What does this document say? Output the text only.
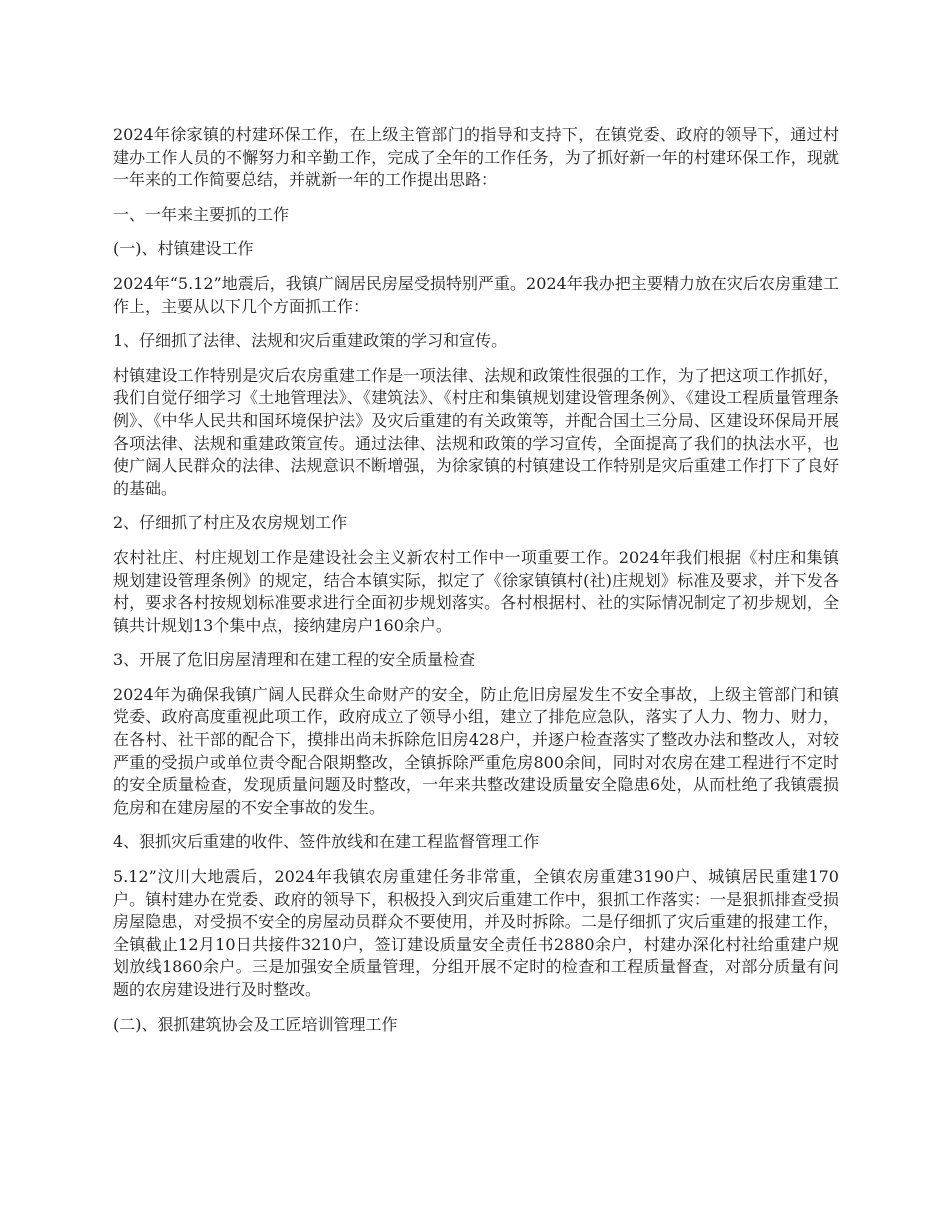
2024年徐家镇的村建环保工作，在上级主管部门的指导和支持下，在镇党委、政府的领导下，通过村建办工作人员的不懈努力和辛勤工作，完成了全年的工作任务，为了抓好新一年的村建环保工作，现就一年来的工作简要总结，并就新一年的工作提出思路：

一、一年来主要抓的工作

(一)、村镇建设工作

2024年“5.12”地震后，我镇广阔居民房屋受损特别严重。2024年我办把主要精力放在灾后农房重建工作上，主要从以下几个方面抓工作：

1、仔细抓了法律、法规和灾后重建政策的学习和宣传。

村镇建设工作特别是灾后农房重建工作是一项法律、法规和政策性很强的工作，为了把这项工作抓好，我们自觉仔细学习《土地管理法》、《建筑法》、《村庄和集镇规划建设管理条例》、《建设工程质量管理条例》、《中华人民共和国环境保护法》及灾后重建的有关政策等，并配合国土三分局、区建设环保局开展各项法律、法规和重建政策宣传。通过法律、法规和政策的学习宣传，全面提高了我们的执法水平，也使广阔人民群众的法律、法规意识不断增强，为徐家镇的村镇建设工作特别是灾后重建工作打下了良好的基础。

2、仔细抓了村庄及农房规划工作

农村社庄、村庄规划工作是建设社会主义新农村工作中一项重要工作。2024年我们根据《村庄和集镇规划建设管理条例》的规定，结合本镇实际，拟定了《徐家镇镇村(社)庄规划》标准及要求，并下发各村，要求各村按规划标准要求进行全面初步规划落实。各村根据村、社的实际情况制定了初步规划，全镇共计规划13个集中点，接纳建房户160余户。

3、开展了危旧房屋清理和在建工程的安全质量检查

2024年为确保我镇广阔人民群众生命财产的安全，防止危旧房屋发生不安全事故，上级主管部门和镇党委、政府高度重视此项工作，政府成立了领导小组，建立了排危应急队，落实了人力、物力、财力，在各村、社干部的配合下，摸排出尚未拆除危旧房428户，并逐户检查落实了整改办法和整改人，对较严重的受损户或单位责令配合限期整改，全镇拆除严重危房800余间，同时对农房在建工程进行不定时的安全质量检查，发现质量问题及时整改，一年来共整改建设质量安全隐患6处，从而杜绝了我镇震损危房和在建房屋的不安全事故的发生。

4、狠抓灾后重建的收件、签件放线和在建工程监督管理工作

5.12”汶川大地震后，2024年我镇农房重建任务非常重，全镇农房重建3190户、城镇居民重建170户。镇村建办在党委、政府的领导下，积极投入到灾后重建工作中，狠抓工作落实：一是狠抓排查受损房屋隐患，对受损不安全的房屋动员群众不要使用，并及时拆除。二是仔细抓了灾后重建的报建工作，全镇截止12月10日共接件3210户，签订建设质量安全责任书2880余户，村建办深化村社给重建户规划放线1860余户。三是加强安全质量管理，分组开展不定时的检查和工程质量督查，对部分质量有问题的农房建设进行及时整改。

(二)、狠抓建筑协会及工匠培训管理工作
